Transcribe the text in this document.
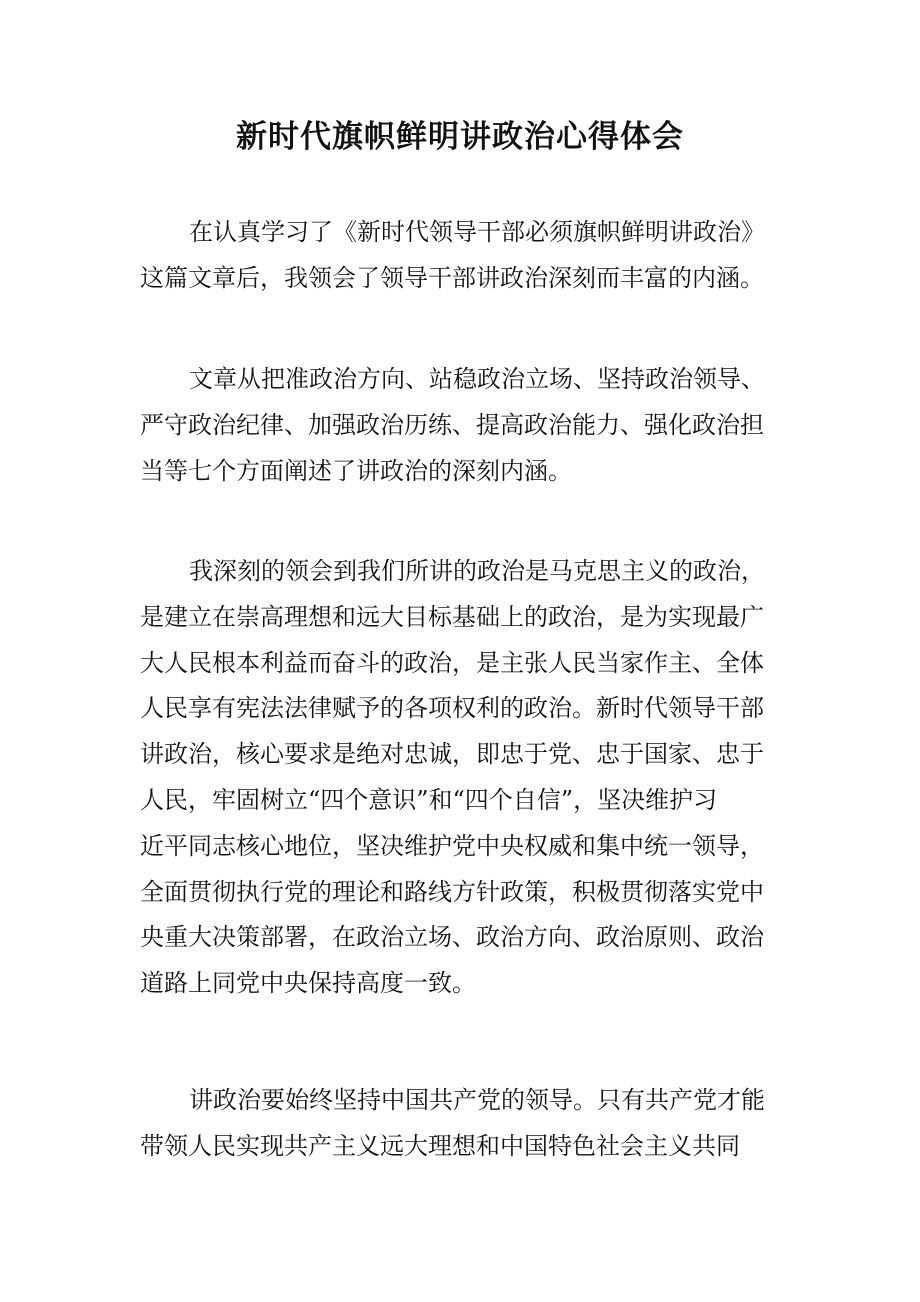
新时代旗帜鲜明讲政治心得体会
在认真学习了《新时代领导干部必须旗帜鲜明讲政治》
这篇文章后，我领会了领导干部讲政治深刻而丰富的内涵。
文章从把准政治方向、站稳政治立场、坚持政治领导、
严守政治纪律、加强政治历练、提高政治能力、强化政治担
当等七个方面阐述了讲政治的深刻内涵。
我深刻的领会到我们所讲的政治是马克思主义的政治，
是建立在崇高理想和远大目标基础上的政治，是为实现最广
大人民根本利益而奋斗的政治，是主张人民当家作主、全体
人民享有宪法法律赋予的各项权利的政治。新时代领导干部
讲政治，核心要求是绝对忠诚，即忠于党、忠于国家、忠于
人民，牢固树立“四个意识”和“四个自信”，坚决维护习
近平同志核心地位，坚决维护党中央权威和集中统一领导，
全面贯彻执行党的理论和路线方针政策，积极贯彻落实党中
央重大决策部署，在政治立场、政治方向、政治原则、政治
道路上同党中央保持高度一致。
讲政治要始终坚持中国共产党的领导。只有共产党才能
带领人民实现共产主义远大理想和中国特色社会主义共同
